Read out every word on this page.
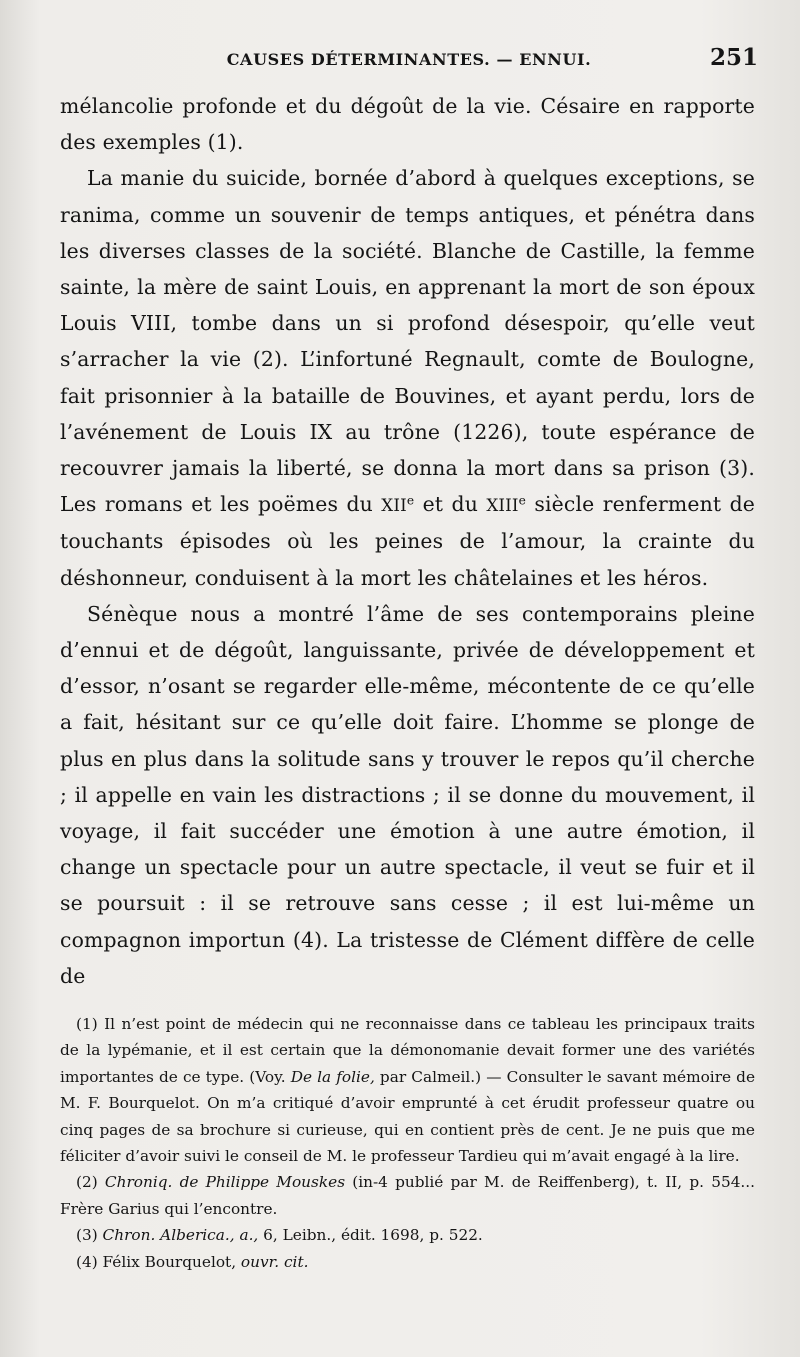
CAUSES DÉTERMINANTES. — ENNUI.	251

mélancolie profonde et du dégoût de la vie. Césaire en rapporte des exemples (1).

La manie du suicide, bornée d’abord à quelques exceptions, se ranima, comme un souvenir de temps antiques, et pénétra dans les diverses classes de la société. Blanche de Castille, la femme sainte, la mère de saint Louis, en apprenant la mort de son époux Louis VIII, tombe dans un si profond désespoir, qu’elle veut s’arracher la vie (2). L’infortuné Regnault, comte de Boulogne, fait prisonnier à la bataille de Bouvines, et ayant perdu, lors de l’avénement de Louis IX au trône (1226), toute espérance de recouvrer jamais la liberté, se donna la mort dans sa prison (3). Les romans et les poëmes du XIIe et du XIIIe siècle renferment de touchants épisodes où les peines de l’amour, la crainte du déshonneur, conduisent à la mort les châtelaines et les héros.

Sénèque nous a montré l’âme de ses contemporains pleine d’ennui et de dégoût, languissante, privée de développement et d’essor, n’osant se regarder elle-même, mécontente de ce qu’elle a fait, hésitant sur ce qu’elle doit faire. L’homme se plonge de plus en plus dans la solitude sans y trouver le repos qu’il cherche ; il appelle en vain les distractions ; il se donne du mouvement, il voyage, il fait succéder une émotion à une autre émotion, il change un spectacle pour un autre spectacle, il veut se fuir et il se poursuit : il se retrouve sans cesse ; il est lui-même un compagnon importun (4). La tristesse de Clément diffère de celle de

(1) Il n’est point de médecin qui ne reconnaisse dans ce tableau les principaux traits de la lypémanie, et il est certain que la démonomanie devait former une des variétés importantes de ce type. (Voy. De la folie, par Calmeil.) — Consulter le savant mémoire de M. F. Bourquelot. On m’a critiqué d’avoir emprunté à cet érudit professeur quatre ou cinq pages de sa brochure si curieuse, qui en contient près de cent. Je ne puis que me féliciter d’avoir suivi le conseil de M. le professeur Tardieu qui m’avait engagé à la lire.

(2) Chroniq. de Philippe Mouskes (in-4 publié par M. de Reiffenberg), t. II, p. 554... Frère Garius qui l’encontre.

(3) Chron. Alberica., a., 6, Leibn., édit. 1698, p. 522.

(4) Félix Bourquelot, ouvr. cit.
